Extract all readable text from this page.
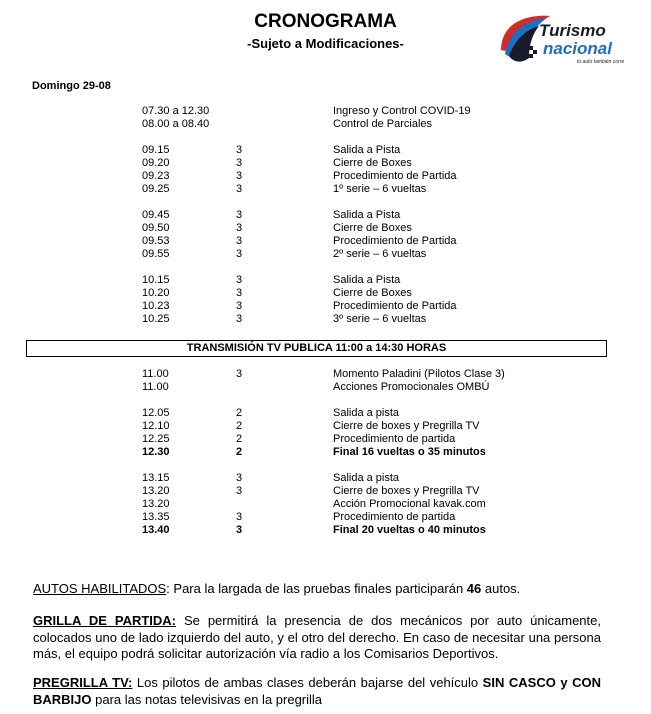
CRONOGRAMA
-Sujeto a Modificaciones-
Turismo
nacional
tu auto también corre
Domingo 29-08
07.30 a 12.30	Ingreso y Control COVID-19
08.00 a 08.40	Control de Parciales
09.15	3	Salida a Pista
09.20	3	Cierre de Boxes
09.23	3	Procedimiento de Partida
09.25	3	1º serie – 6 vueltas
09.45	3	Salida a Pista
09.50	3	Cierre de Boxes
09.53	3	Procedimiento de Partida
09.55	3	2º serie – 6 vueltas
10.15	3	Salida a Pista
10.20	3	Cierre de Boxes
10.23	3	Procedimiento de Partida
10.25	3	3º serie – 6 vueltas
TRANSMISIÓN TV PUBLICA 11:00 a 14:30 HORAS
11.00	3	Momento Paladini (Pilotos Clase 3)
11.00	Acciones Promocionales OMBÚ
12.05	2	Salida a pista
12.10	2	Cierre de boxes y Pregrilla TV
12.25	2	Procedimiento de partida
12.30	2	Final 16 vueltas o 35 minutos
13.15	3	Salida a pista
13.20	3	Cierre de boxes y Pregrilla TV
13.20	Acción Promocional kavak.com
13.35	3	Procedimiento de partida
13.40	3	Final 20 vueltas o 40 minutos
AUTOS HABILITADOS: Para la largada de las pruebas finales participarán 46 autos.
GRILLA DE PARTIDA: Se permitirá la presencia de dos mecánicos por auto únicamente, colocados uno de lado izquierdo del auto, y el otro del derecho. En caso de necesitar una persona más, el equipo podrá solicitar autorización vía radio a los Comisarios Deportivos.
PREGRILLA TV: Los pilotos de ambas clases deberán bajarse del vehículo SIN CASCO y CON BARBIJO para las notas televisivas en la pregrilla
